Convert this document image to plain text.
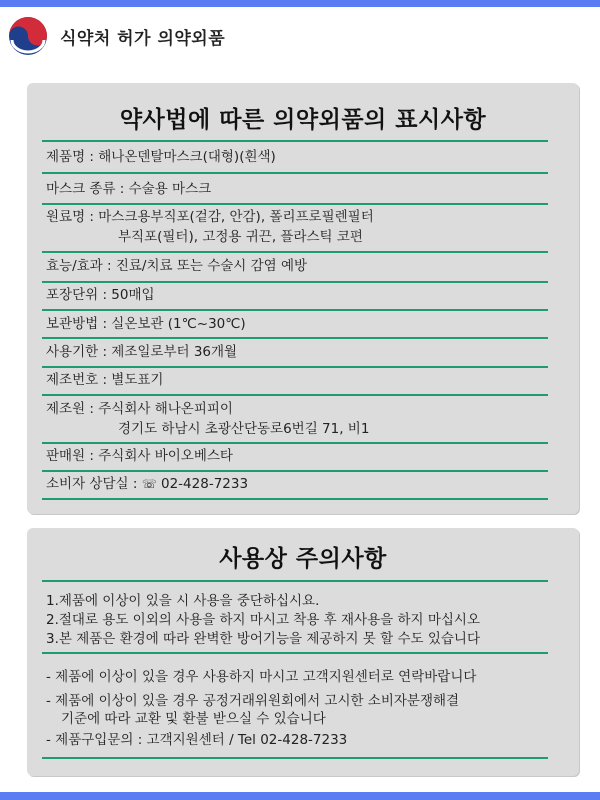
식약처 허가 의약외품
약사법에 따른 의약외품의 표시사항
제품명 : 해나온덴탈마스크(대형)(흰색)
마스크 종류 : 수술용 마스크
원료명 : 마스크용부직포(겉감, 안감), 폴리프로필렌필터
부직포(필터), 고정용 귀끈, 플라스틱 코편
효능/효과 : 진료/치료 또는 수술시 감염 예방
포장단위 : 50매입
보관방법 : 실온보관 (1℃~30℃)
사용기한 : 제조일로부터 36개월
제조번호 : 별도표기
제조원 : 주식회사 해나온피피이
경기도 하남시 초광산단동로6번길 71, 비1
판매원 : 주식회사 바이오베스타
소비자 상담실 : ☏ 02-428-7233
사용상 주의사항
1.제품에 이상이 있을 시 사용을 중단하십시요.
2.절대로 용도 이외의 사용을 하지 마시고 착용 후 재사용을 하지 마십시오
3.본 제품은 환경에 따라 완벽한 방어기능을 제공하지 못 할 수도 있습니다
- 제품에 이상이 있을 경우 사용하지 마시고 고객지원센터로 연락바랍니다
- 제품에 이상이 있을 경우 공정거래위원회에서 고시한 소비자분쟁해결
기준에 따라 교환 및 환불 받으실 수 있습니다
- 제품구입문의 : 고객지원센터 / Tel 02-428-7233
